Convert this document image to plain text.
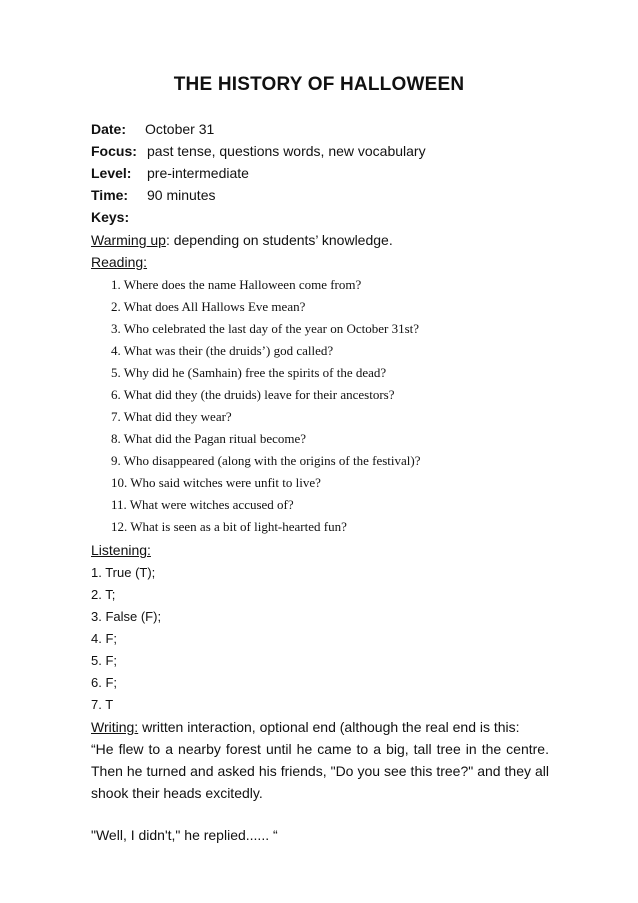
THE HISTORY OF HALLOWEEN
Date: October 31
Focus: past tense, questions words, new vocabulary
Level: pre-intermediate
Time: 90 minutes
Keys:
Warming up: depending on students’ knowledge.
Reading:
1. Where does the name Halloween come from?
2. What does All Hallows Eve mean?
3. Who celebrated the last day of the year on October 31st?
4. What was their (the druids’) god called?
5. Why did he (Samhain) free the spirits of the dead?
6. What did they (the druids) leave for their ancestors?
7. What did they wear?
8. What did the Pagan ritual become?
9. Who disappeared (along with the origins of the festival)?
10. Who said witches were unfit to live?
11. What were witches accused of?
12. What is seen as a bit of light-hearted fun?
Listening:
1. True (T);
2. T;
3. False (F);
4. F;
5. F;
6. F;
7. T
Writing: written interaction, optional end (although the real end is this:
“He flew to a nearby forest until he came to a big, tall tree in the centre. Then he turned and asked his friends, "Do you see this tree?" and they all shook their heads excitedly.
"Well, I didn't," he replied...... “
